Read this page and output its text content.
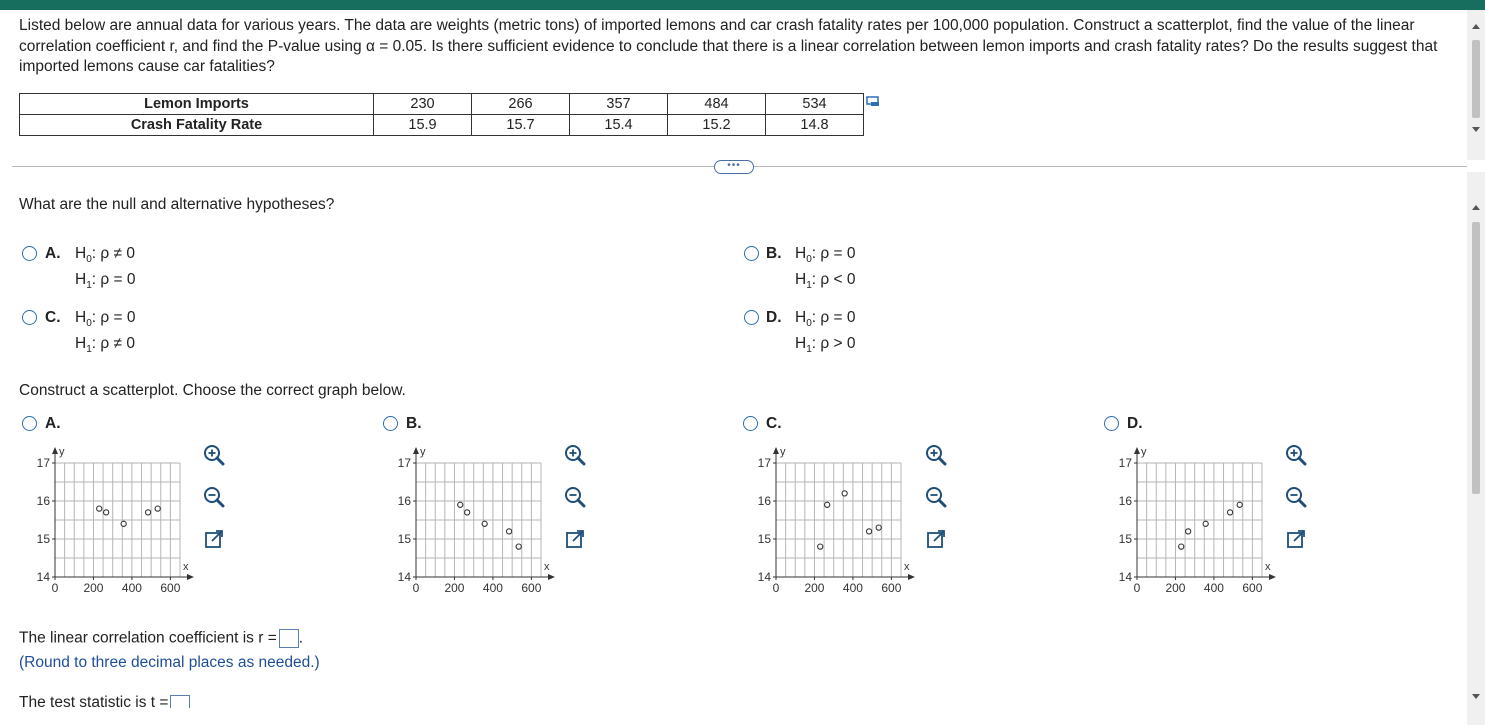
Listed below are annual data for various years. The data are weights (metric tons) of imported lemons and car crash fatality rates per 100,000 population. Construct a scatterplot, find the value of the linear correlation coefficient r, and find the P-value using α = 0.05. Is there sufficient evidence to conclude that there is a linear correlation between lemon imports and crash fatality rates? Do the results suggest that imported lemons cause car fatalities?
Lemon Imports	230	266	357	484	534
Crash Fatality Rate	15.9	15.7	15.4	15.2	14.8
•••
What are the null and alternative hypotheses?
A. $H_0$: ρ ≠ 0
$H_1$: ρ = 0
B. $H_0$: ρ = 0
$H_1$: ρ < 0
C. $H_0$: ρ = 0
$H_1$: ρ ≠ 0
D. $H_0$: ρ = 0
$H_1$: ρ > 0
Construct a scatterplot. Choose the correct graph below.
A.	B.	C.	D.
x
y
0 200 400 600
14
15
16
17
x
y
0 200 400 600
14
15
16
17
x
y
0 200 400 600
14
15
16
17
x
y
0 200 400 600
14
15
16
17
The linear correlation coefficient is r = .
(Round to three decimal places as needed.)
The test statistic is t =
